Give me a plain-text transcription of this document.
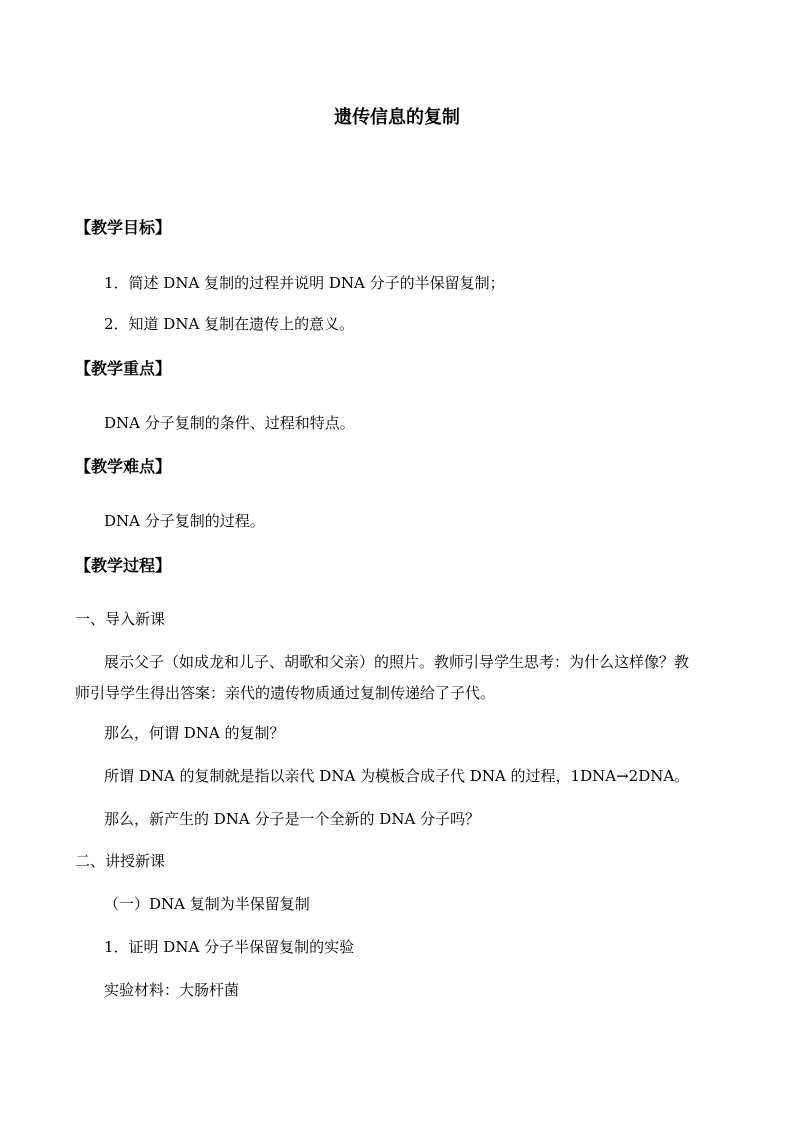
遗传信息的复制
【教学目标】
1．简述 DNA 复制的过程并说明 DNA 分子的半保留复制；
2．知道 DNA 复制在遗传上的意义。
【教学重点】
DNA 分子复制的条件、过程和特点。
【教学难点】
DNA 分子复制的过程。
【教学过程】
一、导入新课
展示父子（如成龙和儿子、胡歌和父亲）的照片。教师引导学生思考：为什么这样像？教
师引导学生得出答案：亲代的遗传物质通过复制传递给了子代。
那么，何谓 DNA 的复制？
所谓 DNA 的复制就是指以亲代 DNA 为模板合成子代 DNA 的过程，1DNA→2DNA。
那么，新产生的 DNA 分子是一个全新的 DNA 分子吗？
二、讲授新课
（一）DNA 复制为半保留复制
1．证明 DNA 分子半保留复制的实验
实验材料：大肠杆菌
